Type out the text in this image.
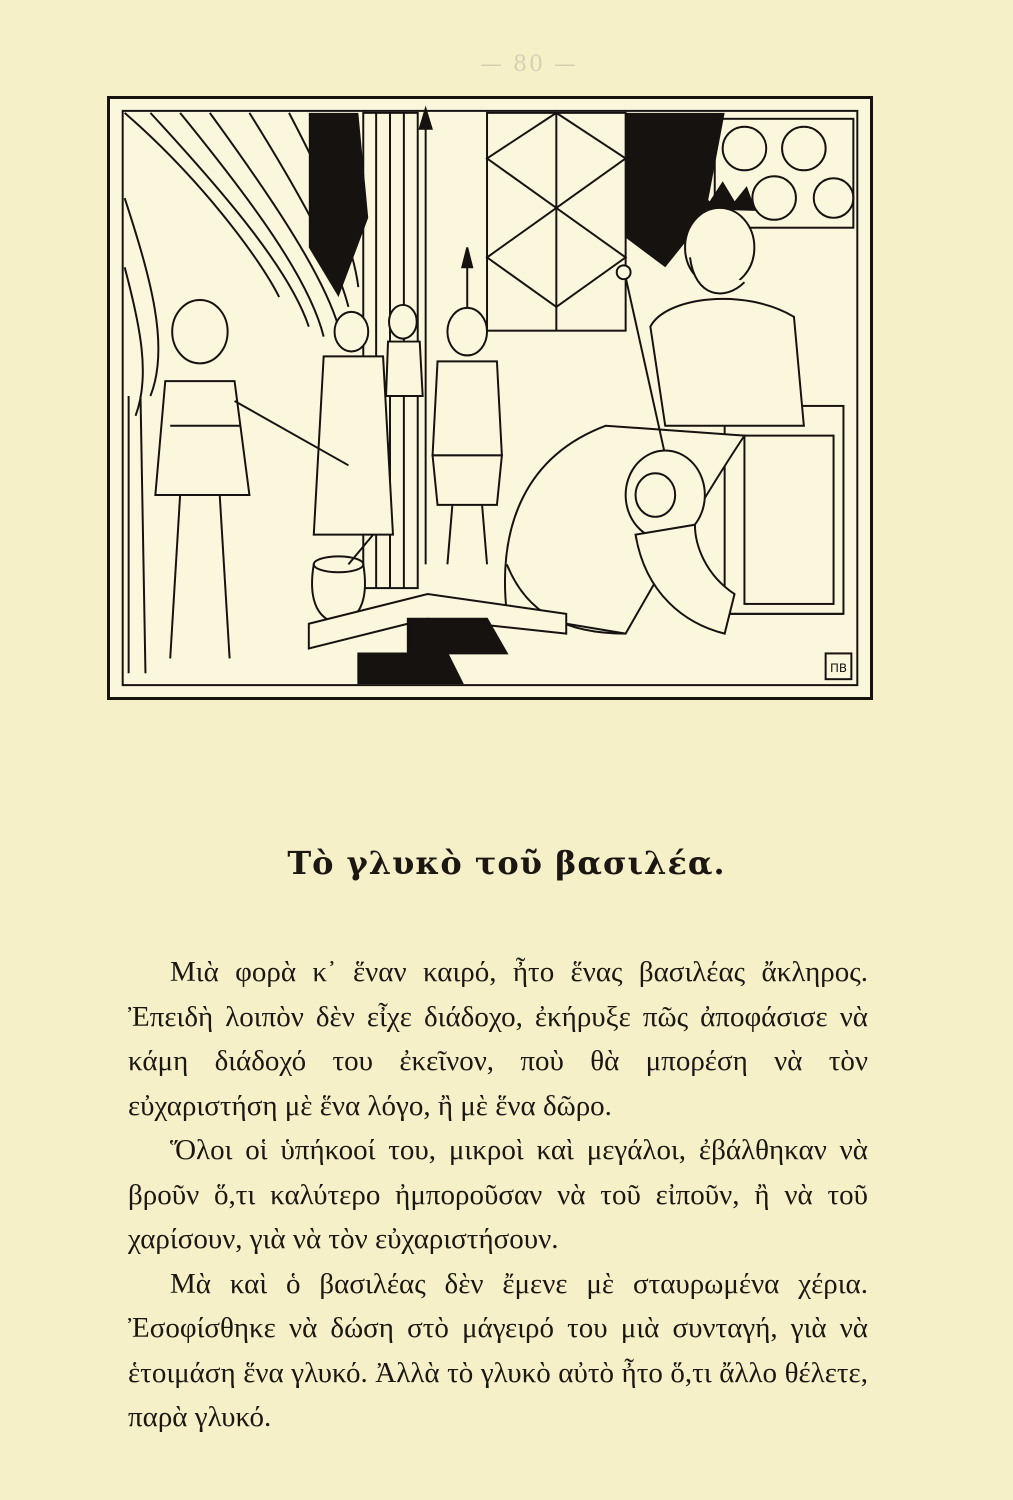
— 80 —
ΠΒ
Τὸ γλυκὸ τοῦ βασιλέα.

Μιὰ φορὰ κ᾿ ἕναν καιρό, ἦτο ἕνας βασιλέας ἄκληρος. Ἐπειδὴ λοιπὸν δὲν εἶχε διάδοχο, ἐκήρυξε πῶς ἀποφάσισε νὰ κάμη διάδοχό του ἐκεῖνον, ποὺ θὰ μπορέση νὰ τὸν εὐχαριστήση μὲ ἕνα λόγο, ἢ μὲ ἕνα δῶρο.

Ὅλοι οἱ ὑπήκοοί του, μικροὶ καὶ μεγάλοι, ἐβάλθηκαν νὰ βροῦν ὅ,τι καλύτερο ἠμποροῦσαν νὰ τοῦ εἰποῦν, ἢ νὰ τοῦ χαρίσουν, γιὰ νὰ τὸν εὐχαριστήσουν.

Μὰ καὶ ὁ βασιλέας δὲν ἔμενε μὲ σταυρωμένα χέρια. Ἐσοφίσθηκε νὰ δώση στὸ μάγειρό του μιὰ συνταγή, γιὰ νὰ ἑτοιμάση ἕνα γλυκό. Ἀλλὰ τὸ γλυκὸ αὐτὸ ἦτο ὅ,τι ἄλλο θέλετε, παρὰ γλυκό.
